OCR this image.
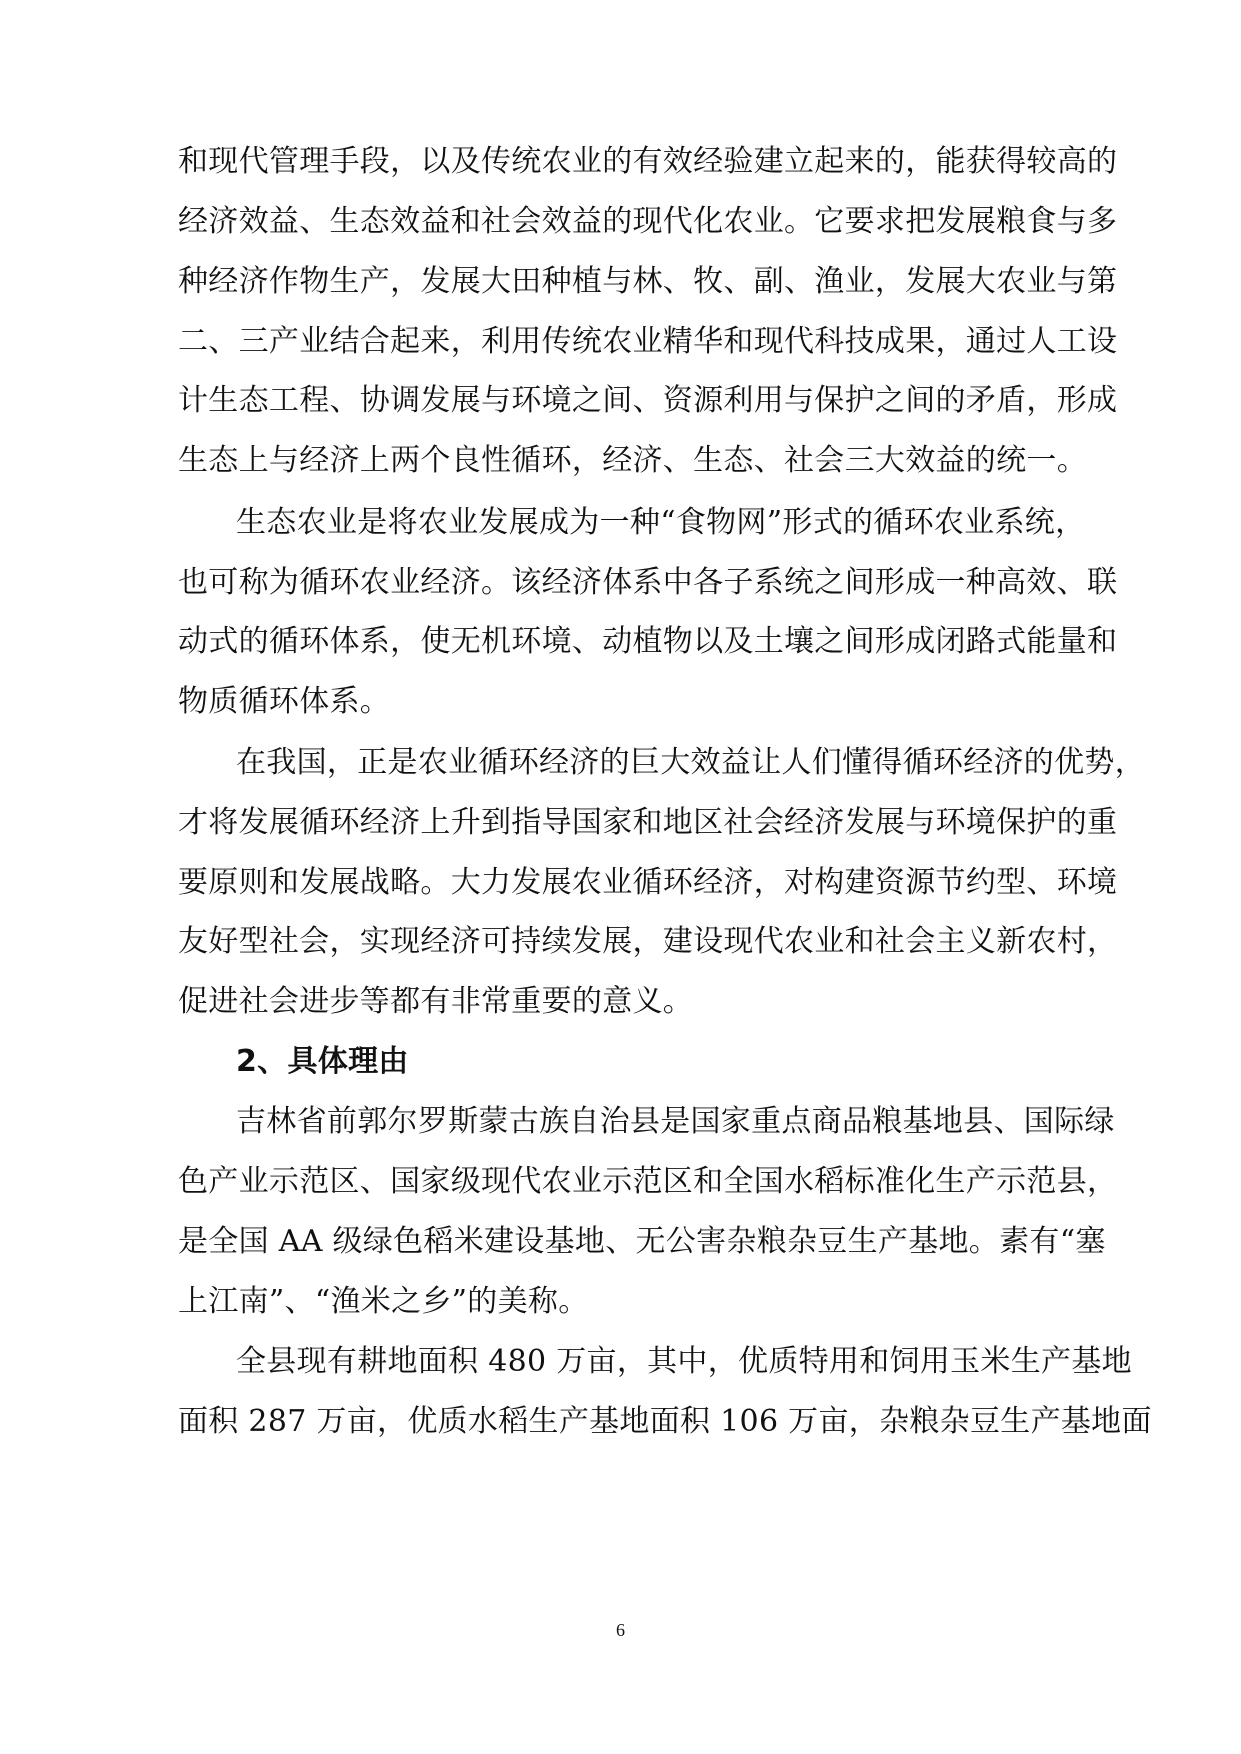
和现代管理手段，以及传统农业的有效经验建立起来的，能获得较高的
经济效益、生态效益和社会效益的现代化农业。它要求把发展粮食与多
种经济作物生产，发展大田种植与林、牧、副、渔业，发展大农业与第
二、三产业结合起来，利用传统农业精华和现代科技成果，通过人工设
计生态工程、协调发展与环境之间、资源利用与保护之间的矛盾，形成
生态上与经济上两个良性循环，经济、生态、社会三大效益的统一。
生态农业是将农业发展成为一种“食物网”形式的循环农业系统，
也可称为循环农业经济。该经济体系中各子系统之间形成一种高效、联
动式的循环体系，使无机环境、动植物以及土壤之间形成闭路式能量和
物质循环体系。
在我国，正是农业循环经济的巨大效益让人们懂得循环经济的优势，
才将发展循环经济上升到指导国家和地区社会经济发展与环境保护的重
要原则和发展战略。大力发展农业循环经济，对构建资源节约型、环境
友好型社会，实现经济可持续发展，建设现代农业和社会主义新农村，
促进社会进步等都有非常重要的意义。
2、具体理由
吉林省前郭尔罗斯蒙古族自治县是国家重点商品粮基地县、国际绿
色产业示范区、国家级现代农业示范区和全国水稻标准化生产示范县，
是全国 AA 级绿色稻米建设基地、无公害杂粮杂豆生产基地。素有“塞
上江南”、“渔米之乡”的美称。
全县现有耕地面积 480 万亩，其中，优质特用和饲用玉米生产基地
面积 287 万亩，优质水稻生产基地面积 106 万亩，杂粮杂豆生产基地面
6
